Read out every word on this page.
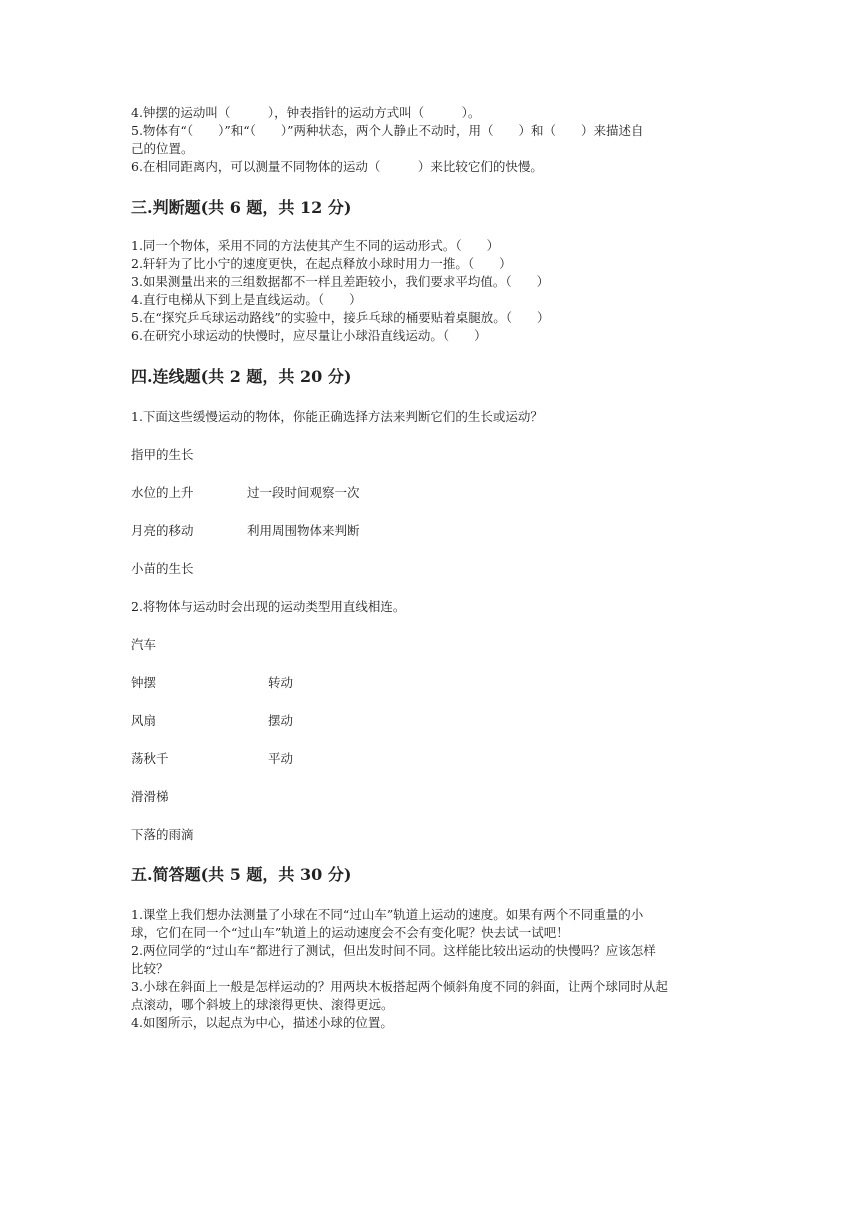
4.钟摆的运动叫（　　　），钟表指针的运动方式叫（　　　）。
5.物体有“（　　）”和“（　　）”两种状态，两个人静止不动时，用（　　）和（　　）来描述自
己的位置。
6.在相同距离内，可以测量不同物体的运动（　　　）来比较它们的快慢。
三.判断题(共 6 题，共 12 分)
1.同一个物体，采用不同的方法使其产生不同的运动形式。（　　）
2.轩轩为了比小宁的速度更快，在起点释放小球时用力一推。（　　）
3.如果测量出来的三组数据都不一样且差距较小，我们要求平均值。（　　）
4.直行电梯从下到上是直线运动。（　　）
5.在“探究乒乓球运动路线”的实验中，接乒乓球的桶要贴着桌腿放。（　　）
6.在研究小球运动的快慢时，应尽量让小球沿直线运动。（　　）
四.连线题(共 2 题，共 20 分)
1.下面这些缓慢运动的物体，你能正确选择方法来判断它们的生长或运动？
指甲的生长
水位的上升	过一段时间观察一次
月亮的移动	利用周围物体来判断
小苗的生长
2.将物体与运动时会出现的运动类型用直线相连。
汽车
钟摆	转动
风扇	摆动
荡秋千	平动
滑滑梯
下落的雨滴
五.简答题(共 5 题，共 30 分)
1.课堂上我们想办法测量了小球在不同“过山车”轨道上运动的速度。如果有两个不同重量的小
球，它们在同一个“过山车”轨道上的运动速度会不会有变化呢？快去试一试吧！
2.两位同学的“过山车“都进行了测试，但出发时间不同。这样能比较出运动的快慢吗？应该怎样
比较？
3.小球在斜面上一般是怎样运动的？用两块木板搭起两个倾斜角度不同的斜面，让两个球同时从起
点滚动，哪个斜坡上的球滚得更快、滚得更远。
4.如图所示，以起点为中心，描述小球的位置。
